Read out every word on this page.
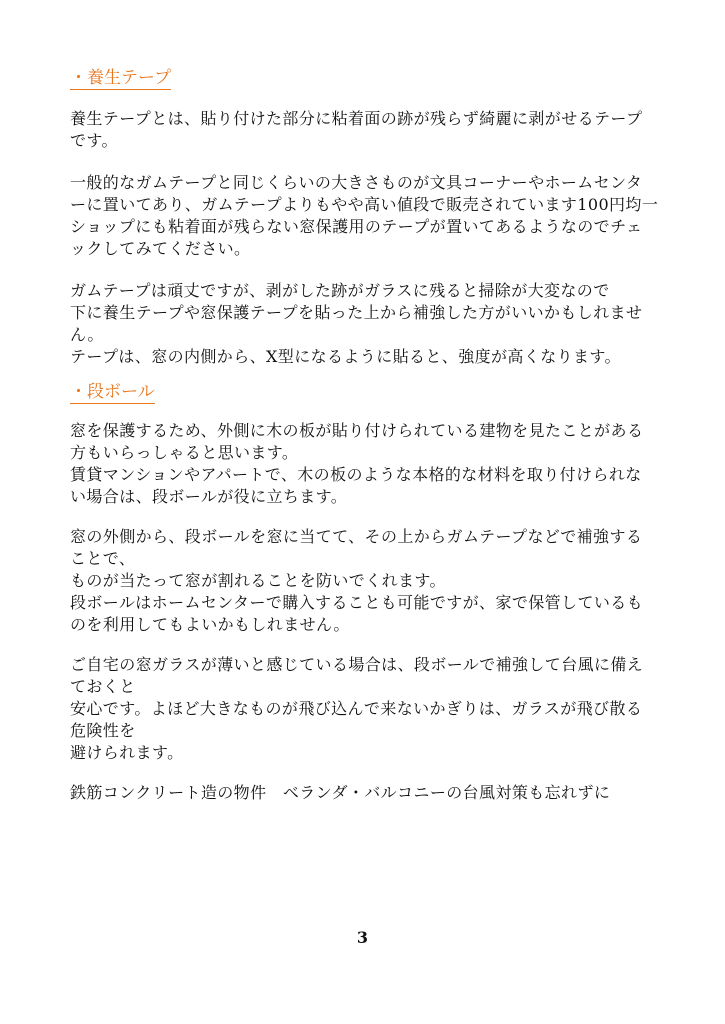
・養生テープ

養生テープとは、貼り付けた部分に粘着面の跡が残らず綺麗に剥がせるテープ

です。

一般的なガムテープと同じくらいの大きさものが文具コーナーやホームセンタ

ーに置いてあり、ガムテープよりもやや高い値段で販売されています100円均一

ショップにも粘着面が残らない窓保護用のテープが置いてあるようなのでチェ

ックしてみてください。

ガムテープは頑丈ですが、剥がした跡がガラスに残ると掃除が大変なので

下に養生テープや窓保護テープを貼った上から補強した方がいいかもしれませ

ん。

テープは、窓の内側から、X型になるように貼ると、強度が高くなります。

・段ボール

窓を保護するため、外側に木の板が貼り付けられている建物を見たことがある

方もいらっしゃると思います。

賃貸マンションやアパートで、木の板のような本格的な材料を取り付けられな

い場合は、段ボールが役に立ちます。

窓の外側から、段ボールを窓に当てて、その上からガムテープなどで補強する

ことで、

ものが当たって窓が割れることを防いでくれます。

段ボールはホームセンターで購入することも可能ですが、家で保管しているも

のを利用してもよいかもしれません。

ご自宅の窓ガラスが薄いと感じている場合は、段ボールで補強して台風に備え

ておくと

安心です。よほど大きなものが飛び込んで来ないかぎりは、ガラスが飛び散る

危険性を

避けられます。

鉄筋コンクリート造の物件　ベランダ・バルコニーの台風対策も忘れずに

3
